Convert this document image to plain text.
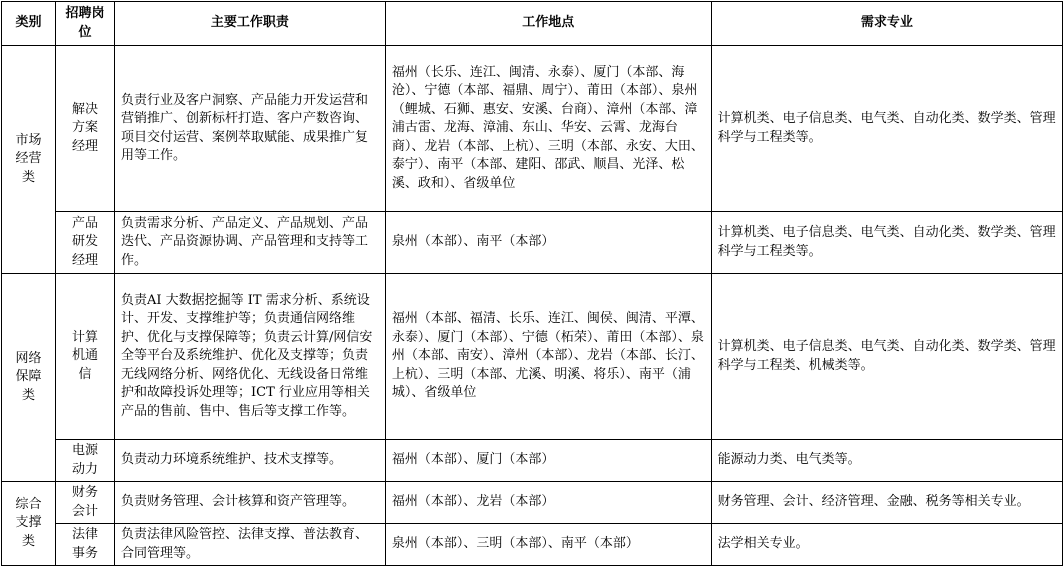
类别	招聘岗位	主要工作职责	工作地点	需求专业
市场经营类	解决方案经理	负责行业及客户洞察、产品能力开发运营和营销推广、创新标杆打造、客户产数咨询、项目交付运营、案例萃取赋能、成果推广复用等工作。	福州（长乐、连江、闽清、永泰）、厦门（本部、海沧）、宁德（本部、福鼎、周宁）、莆田（本部）、泉州（鲤城、石狮、惠安、安溪、台商）、漳州（本部、漳浦古雷、龙海、漳浦、东山、华安、云霄、龙海台商）、龙岩（本部、上杭）、三明（本部、永安、大田、泰宁）、南平（本部、建阳、邵武、顺昌、光泽、松溪、政和）、省级单位	计算机类、电子信息类、电气类、自动化类、数学类、管理科学与工程类等。
	产品研发经理	负责需求分析、产品定义、产品规划、产品迭代、产品资源协调、产品管理和支持等工作。	泉州（本部）、南平（本部）	计算机类、电子信息类、电气类、自动化类、数学类、管理科学与工程类等。
网络保障类	计算机通信	负责AI 大数据挖掘等 IT 需求分析、系统设计、开发、支撑维护等；负责通信网络维护、优化与支撑保障等；负责云计算/网信安全等平台及系统维护、优化及支撑等；负责无线网络分析、网络优化、无线设备日常维护和故障投诉处理等；ICT 行业应用等相关产品的售前、售中、售后等支撑工作等。	福州（本部、福清、长乐、连江、闽侯、闽清、平潭、永泰）、厦门（本部）、宁德（柘荣）、莆田（本部）、泉州（本部、南安）、漳州（本部）、龙岩（本部、长汀、上杭）、三明（本部、尤溪、明溪、将乐）、南平（浦城）、省级单位	计算机类、电子信息类、电气类、自动化类、数学类、管理科学与工程类、机械类等。
	电源动力	负责动力环境系统维护、技术支撑等。	福州（本部）、厦门（本部）	能源动力类、电气类等。
综合支撑类	财务会计	负责财务管理、会计核算和资产管理等。	福州（本部）、龙岩（本部）	财务管理、会计、经济管理、金融、税务等相关专业。
	法律事务	负责法律风险管控、法律支撑、普法教育、合同管理等。	泉州（本部）、三明（本部）、南平（本部）	法学相关专业。
